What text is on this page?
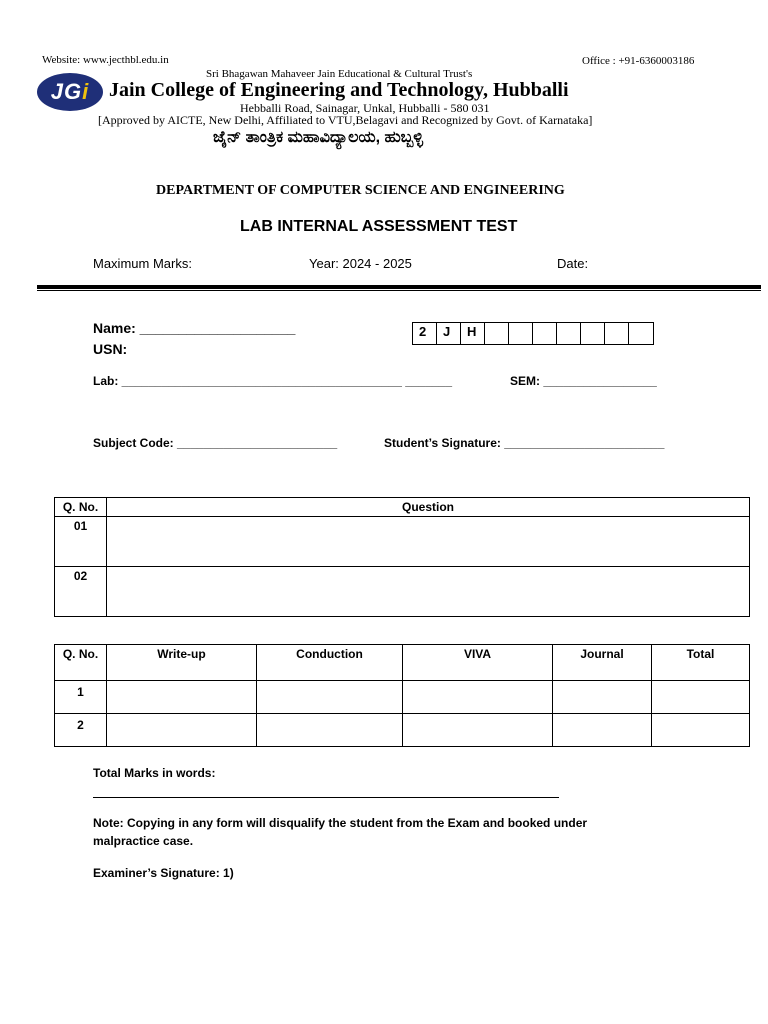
Website: www.jecthbl.edu.in	Office : +91-6360003186
JG i
Sri Bhagawan Mahaveer Jain Educational & Cultural Trust's
Jain College of Engineering and Technology, Hubballi
Hebballi Road, Sainagar, Unkal, Hubballi - 580 031
[Approved by AICTE, New Delhi, Affiliated to VTU,Belagavi and Recognized by Govt. of Karnataka]
ಜೈನ್ ತಾಂತ್ರಿಕ ಮಹಾವಿದ್ಯಾಲಯ, ಹುಬ್ಬಳ್ಳಿ
DEPARTMENT OF COMPUTER SCIENCE AND ENGINEERING
LAB INTERNAL ASSESSMENT TEST
Maximum Marks:	Year: 2024 - 2025	Date:
Name: ____________________
USN:
2	J	H
Lab: __________________________________________ _______	SEM: _________________
Subject Code: ________________________	Student’s Signature: ________________________
Q. No.	Question
01	
02	
Q. No.	Write-up	Conduction	VIVA	Journal	Total
1					
2					
Total Marks in words:
Note: Copying in any form will disqualify the student from the Exam and booked under
malpractice case.
Examiner’s Signature: 1)
